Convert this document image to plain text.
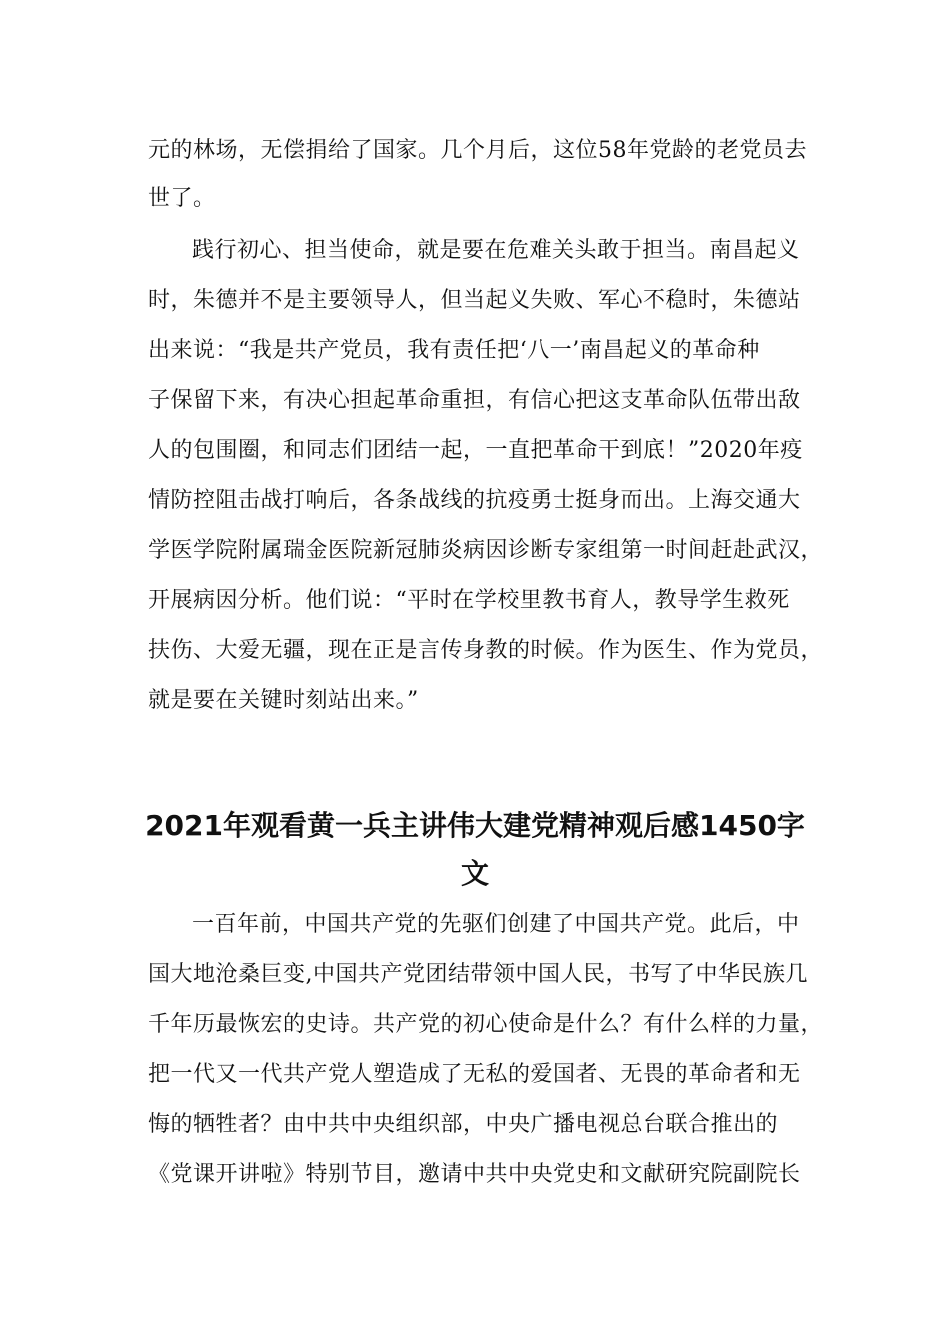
元的林场，无偿捐给了国家。几个月后，这位58年党龄的老党员去
世了。
践行初心、担当使命，就是要在危难关头敢于担当。南昌起义
时，朱德并不是主要领导人，但当起义失败、军心不稳时，朱德站
出来说：“我是共产党员，我有责任把‘八一’南昌起义的革命种
子保留下来，有决心担起革命重担，有信心把这支革命队伍带出敌
人的包围圈，和同志们团结一起，一直把革命干到底！”2020年疫
情防控阻击战打响后，各条战线的抗疫勇士挺身而出。上海交通大
学医学院附属瑞金医院新冠肺炎病因诊断专家组第一时间赶赴武汉，
开展病因分析。他们说：“平时在学校里教书育人，教导学生救死
扶伤、大爱无疆，现在正是言传身教的时候。作为医生、作为党员，
就是要在关键时刻站出来。”
2021年观看黄一兵主讲伟大建党精神观后感1450字
文
一百年前，中国共产党的先驱们创建了中国共产党。此后，中
国大地沧桑巨变,中国共产党团结带领中国人民，书写了中华民族几
千年历最恢宏的史诗。共产党的初心使命是什么？有什么样的力量，
把一代又一代共产党人塑造成了无私的爱国者、无畏的革命者和无
悔的牺牲者？由中共中央组织部，中央广播电视总台联合推出的
《党课开讲啦》特别节目，邀请中共中央党史和文献研究院副院长
